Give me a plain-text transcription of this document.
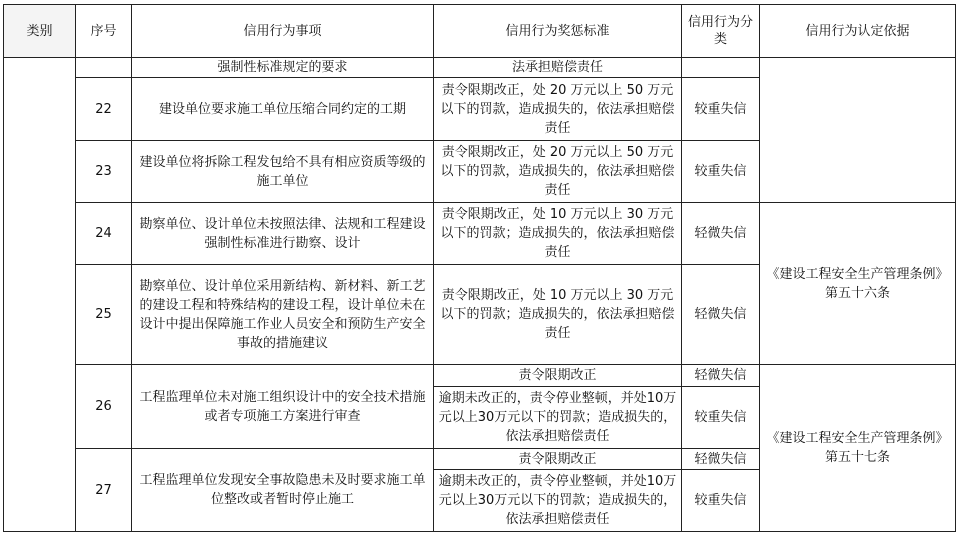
类别	序号	信用行为事项	信用行为奖惩标准	信用行为分类	信用行为认定依据
		强制性标准规定的要求	法承担赔偿责任		
	22	建设单位要求施工单位压缩合同约定的工期	责令限期改正，处 20 万元以上 50 万元以下的罚款，造成损失的，依法承担赔偿责任	较重失信	
	23	建设单位将拆除工程发包给不具有相应资质等级的施工单位	责令限期改正，处 20 万元以上 50 万元以下的罚款，造成损失的，依法承担赔偿责任	较重失信	
	24	勘察单位、设计单位未按照法律、法规和工程建设强制性标准进行勘察、设计	责令限期改正，处 10 万元以上 30 万元以下的罚款；造成损失的，依法承担赔偿责任	轻微失信	《建设工程安全生产管理条例》第五十六条
	25	勘察单位、设计单位采用新结构、新材料、新工艺的建设工程和特殊结构的建设工程，设计单位未在设计中提出保障施工作业人员安全和预防生产安全事故的措施建议	责令限期改正，处 10 万元以上 30 万元以下的罚款；造成损失的，依法承担赔偿责任	轻微失信	
	26	工程监理单位未对施工组织设计中的安全技术措施或者专项施工方案进行审查	责令限期改正	轻微失信	《建设工程安全生产管理条例》第五十七条
			逾期未改正的，责令停业整顿，并处10万元以上30万元以下的罚款；造成损失的，依法承担赔偿责任	较重失信	
	27	工程监理单位发现安全事故隐患未及时要求施工单位整改或者暂时停止施工	责令限期改正	轻微失信	
			逾期未改正的，责令停业整顿，并处10万元以上30万元以下的罚款；造成损失的，依法承担赔偿责任	较重失信	
